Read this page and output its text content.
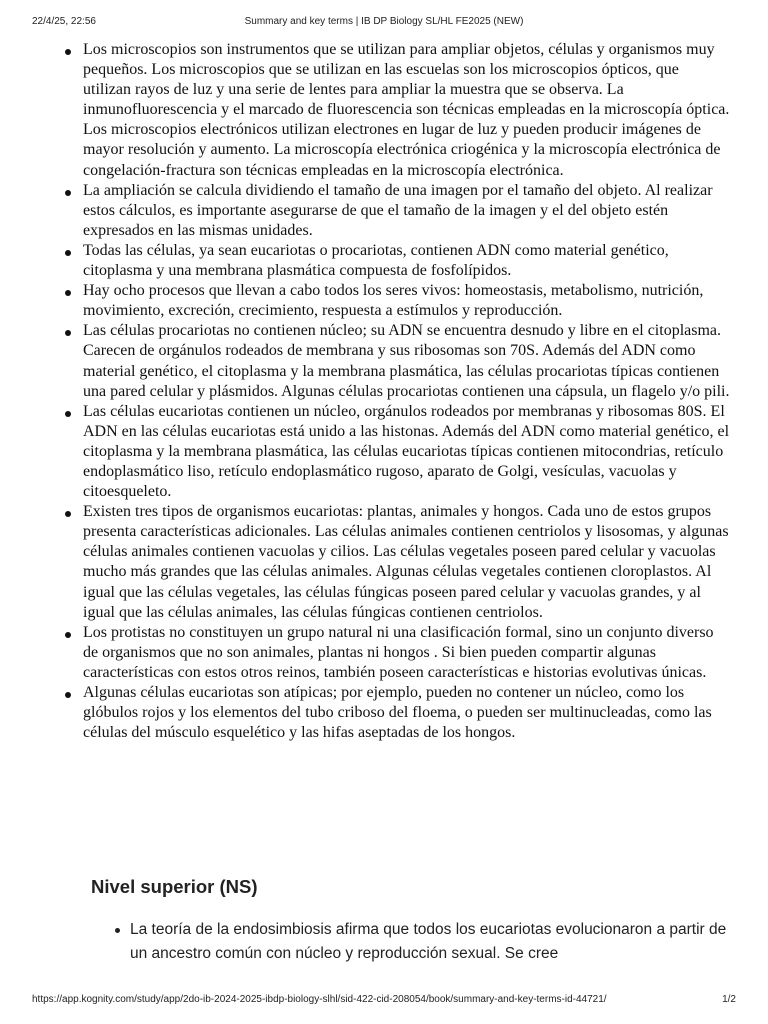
22/4/25, 22:56	Summary and key terms | IB DP Biology SL/HL FE2025 (NEW)
Los microscopios son instrumentos que se utilizan para ampliar objetos, células y organismos muy pequeños. Los microscopios que se utilizan en las escuelas son los microscopios ópticos, que utilizan rayos de luz y una serie de lentes para ampliar la muestra que se observa. La inmunofluorescencia y el marcado de fluorescencia son técnicas empleadas en la microscopía óptica. Los microscopios electrónicos utilizan electrones en lugar de luz y pueden producir imágenes de mayor resolución y aumento. La microscopía electrónica criogénica y la microscopía electrónica de congelación-fractura son técnicas empleadas en la microscopía electrónica.
La ampliación se calcula dividiendo el tamaño de una imagen por el tamaño del objeto. Al realizar estos cálculos, es importante asegurarse de que el tamaño de la imagen y el del objeto estén expresados en las mismas unidades.
Todas las células, ya sean eucariotas o procariotas, contienen ADN como material genético, citoplasma y una membrana plasmática compuesta de fosfolípidos.
Hay ocho procesos que llevan a cabo todos los seres vivos: homeostasis, metabolismo, nutrición, movimiento, excreción, crecimiento, respuesta a estímulos y reproducción.
Las células procariotas no contienen núcleo; su ADN se encuentra desnudo y libre en el citoplasma. Carecen de orgánulos rodeados de membrana y sus ribosomas son 70S. Además del ADN como material genético, el citoplasma y la membrana plasmática, las células procariotas típicas contienen una pared celular y plásmidos. Algunas células procariotas contienen una cápsula, un flagelo y/o pili.
Las células eucariotas contienen un núcleo, orgánulos rodeados por membranas y ribosomas 80S. El ADN en las células eucariotas está unido a las histonas. Además del ADN como material genético, el citoplasma y la membrana plasmática, las células eucariotas típicas contienen mitocondrias, retículo endoplasmático liso, retículo endoplasmático rugoso, aparato de Golgi, vesículas, vacuolas y citoesqueleto.
Existen tres tipos de organismos eucariotas: plantas, animales y hongos. Cada uno de estos grupos presenta características adicionales. Las células animales contienen centriolos y lisosomas, y algunas células animales contienen vacuolas y cilios. Las células vegetales poseen pared celular y vacuolas mucho más grandes que las células animales. Algunas células vegetales contienen cloroplastos. Al igual que las células vegetales, las células fúngicas poseen pared celular y vacuolas grandes, y al igual que las células animales, las células fúngicas contienen centriolos.
Los protistas no constituyen un grupo natural ni una clasificación formal, sino un conjunto diverso de organismos que no son animales, plantas ni hongos . Si bien pueden compartir algunas características con estos otros reinos, también poseen características e historias evolutivas únicas.
Algunas células eucariotas son atípicas; por ejemplo, pueden no contener un núcleo, como los glóbulos rojos y los elementos del tubo criboso del floema, o pueden ser multinucleadas, como las células del músculo esquelético y las hifas aseptadas de los hongos.
Nivel superior (NS)
La teoría de la endosimbiosis afirma que todos los eucariotas evolucionaron a partir de un ancestro común con núcleo y reproducción sexual. Se cree
https://app.kognity.com/study/app/2do-ib-2024-2025-ibdp-biology-slhl/sid-422-cid-208054/book/summary-and-key-terms-id-44721/	1/2
